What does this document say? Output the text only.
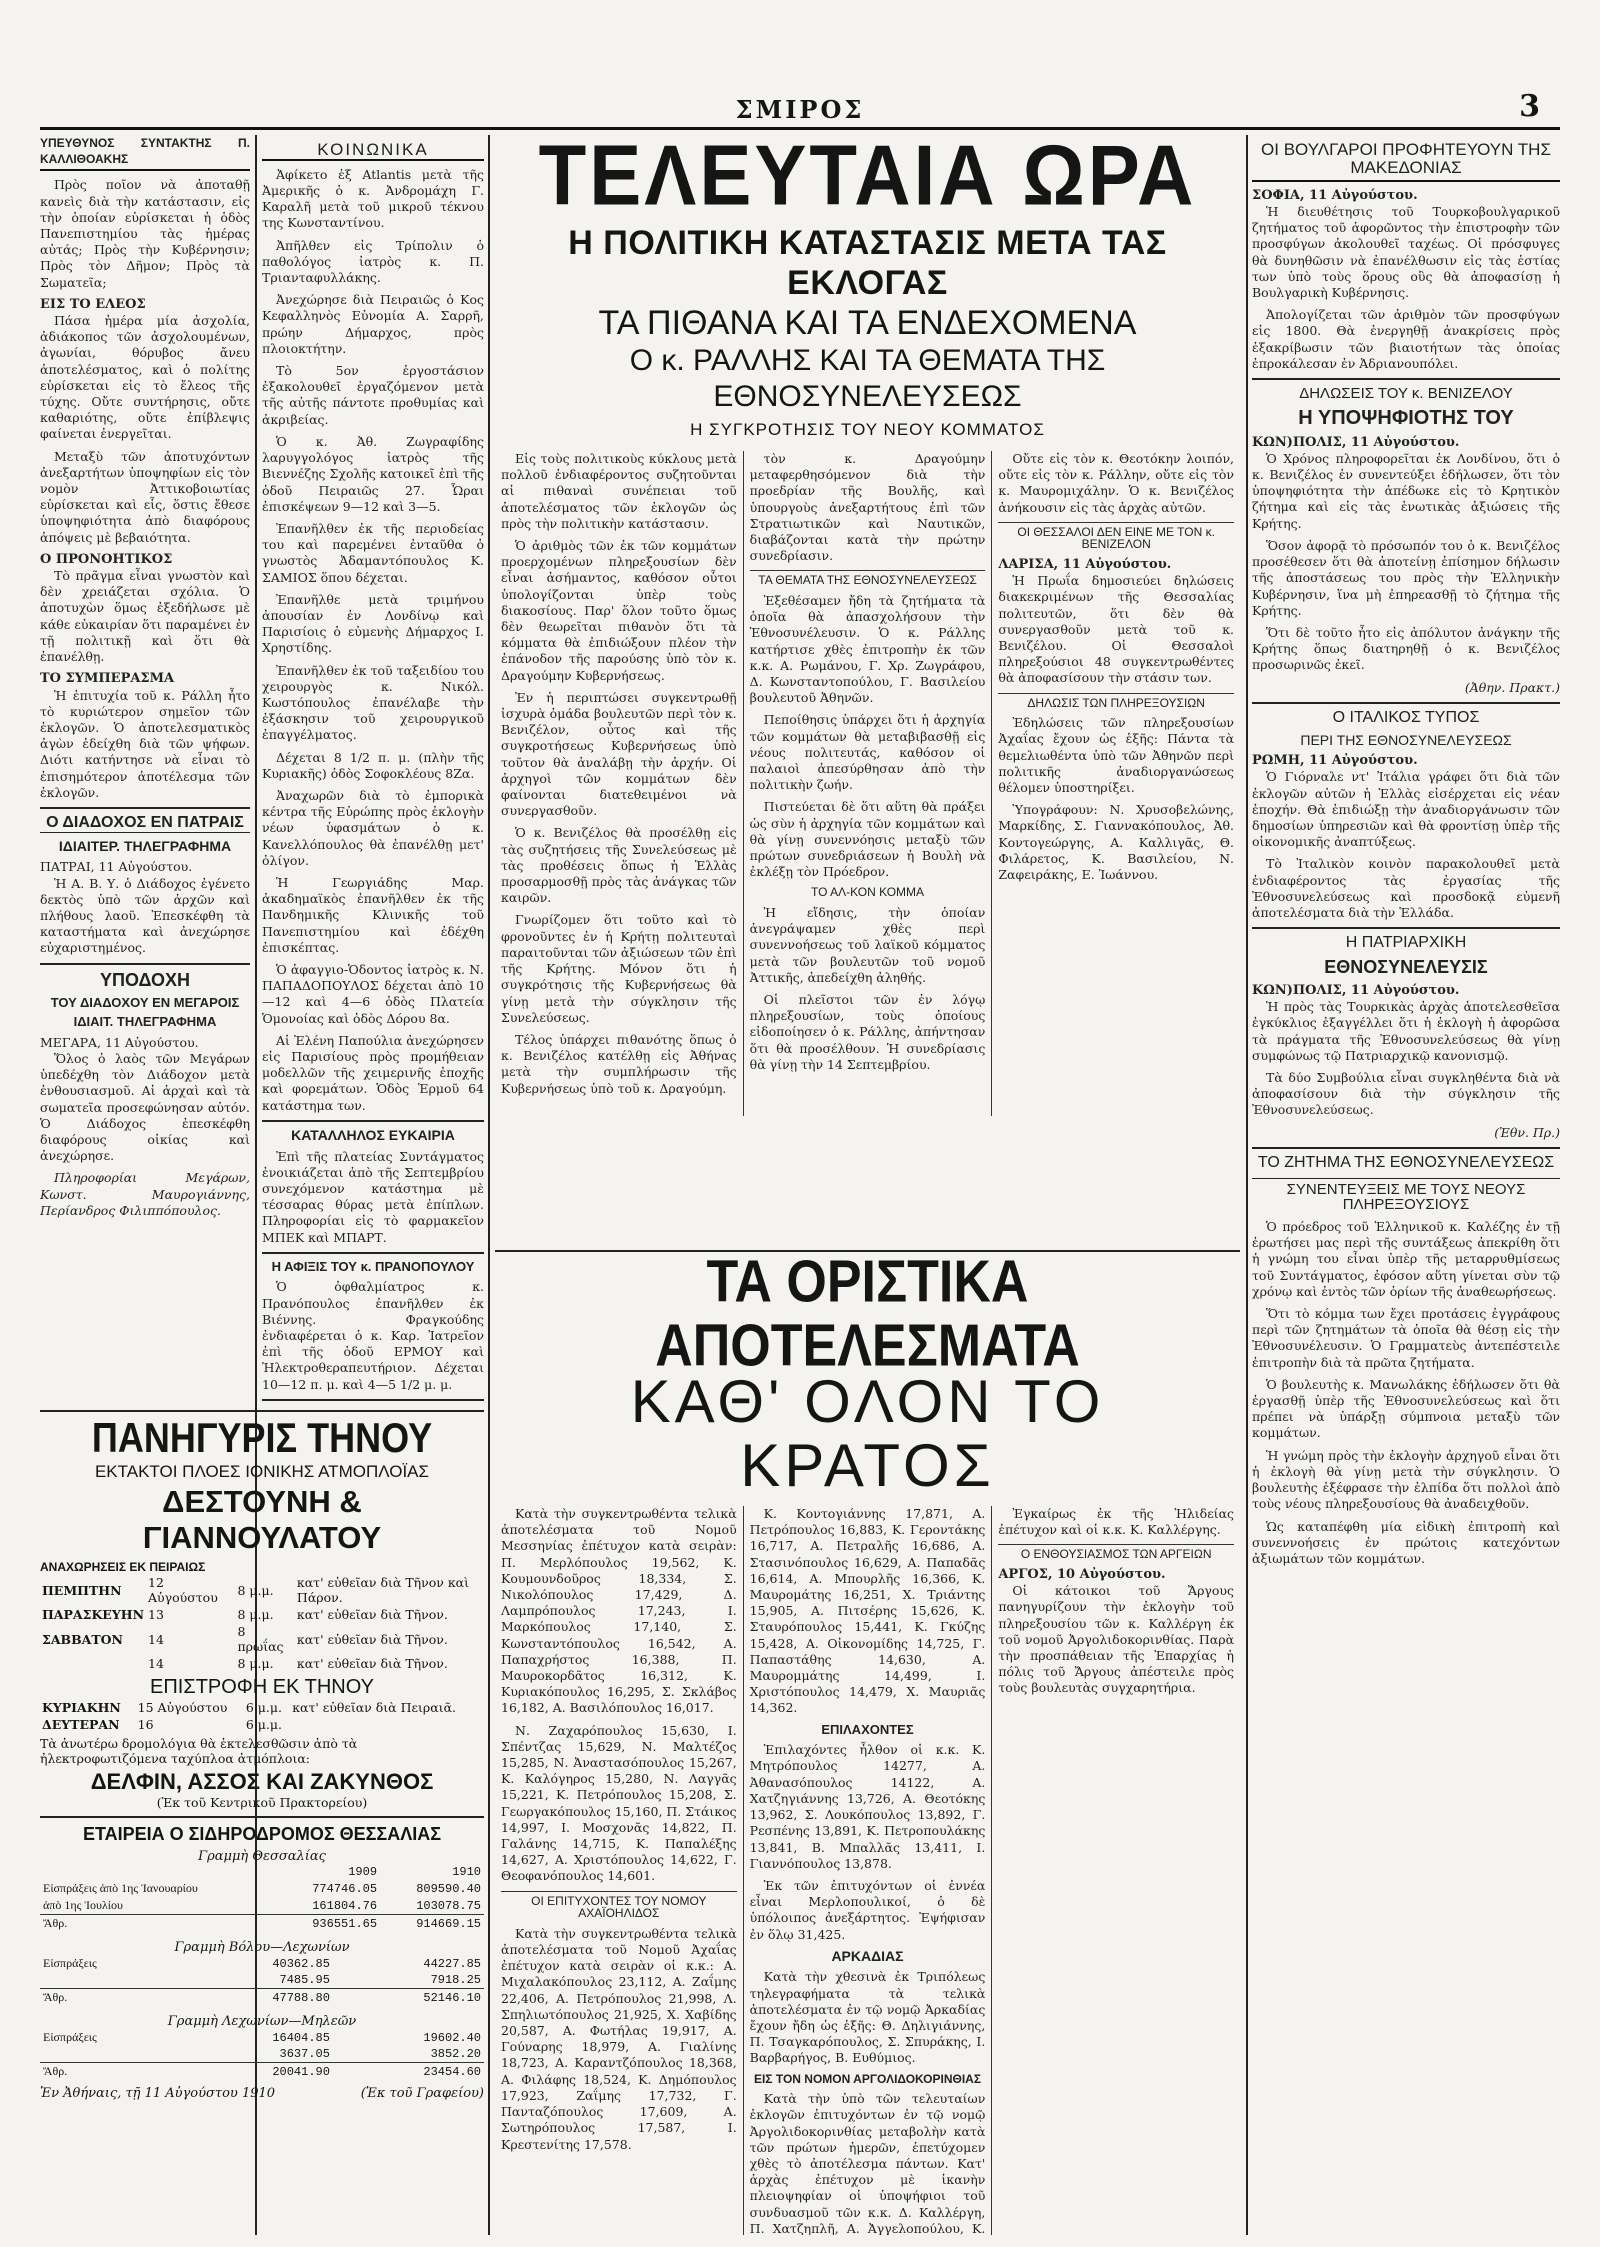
ΣΜΙΡΟΣ	3
ΥΠΕΥΘΥΝΟΣ ΣΥΝΤΑΚΤΗΣ Π. ΚΑΛΛΙΘΟΑΚΗΣ

Πρὸς ποῖον νὰ ἀποταθῇ κανεὶς διὰ τὴν κατάστασιν, εἰς τὴν ὁποίαν εὑρίσκεται ἡ ὁδὸς Πανεπιστημίου τὰς ἡμέρας αὐτάς; Πρὸς τὴν Κυβέρνησιν; Πρὸς τὸν Δῆμον; Πρὸς τὰ Σωματεῖα;

ΕΙΣ ΤΟ ΕΛΕΟΣ

Πάσα ἡμέρα μία ἀσχολία, ἀδιάκοπος τῶν ἀσχολουμένων, ἀγωνίαι, θόρυβος ἄνευ ἀποτελέσματος, καὶ ὁ πολίτης εὑρίσκεται εἰς τὸ ἔλεος τῆς τύχης. Οὔτε συντήρησις, οὔτε καθαριότης, οὔτε ἐπίβλεψις φαίνεται ἐνεργεῖται.

Μεταξὺ τῶν ἀποτυχόντων ἀνεξαρτήτων ὑποψηφίων εἰς τὸν νομὸν Ἀττικοβοιωτίας εὑρίσκεται καὶ εἷς, ὅστις ἔθεσε ὑποψηφιότητα ἀπὸ διαφόρους ἀπόψεις μὲ βεβαιότητα.

Ο ΠΡΟΝΟΗΤΙΚΟΣ

Τὸ πρᾶγμα εἶναι γνωστὸν καὶ δὲν χρειάζεται σχόλια. Ὁ ἀποτυχὼν ὅμως ἐξεδήλωσε μὲ κάθε εὐκαιρίαν ὅτι παραμένει ἐν τῇ πολιτικῇ καὶ ὅτι θὰ ἐπανέλθῃ.

ΤΟ ΣΥΜΠΕΡΑΣΜΑ

Ἡ ἐπιτυχία τοῦ κ. Ράλλη ἦτο τὸ κυριώτερον σημεῖον τῶν ἐκλογῶν. Ὁ ἀποτελεσματικὸς ἀγὼν ἐδείχθη διὰ τῶν ψήφων. Διότι κατήντησε νὰ εἶναι τὸ ἐπισημότερον ἀποτέλεσμα τῶν ἐκλογῶν.

Ο ΔΙΑΔΟΧΟΣ ΕΝ ΠΑΤΡΑΙΣ
ΙΔΙΑΙΤΕΡ. ΤΗΛΕΓΡΑΦΗΜΑ
ΠΑΤΡΑΙ, 11 Αὐγούστου.

Ἡ Α. Β. Υ. ὁ Διάδοχος ἐγένετο δεκτὸς ὑπὸ τῶν ἀρχῶν καὶ πλήθους λαοῦ. Ἐπεσκέφθη τὰ καταστήματα καὶ ἀνεχώρησε εὐχαριστημένος.

ΥΠΟΔΟΧΗ
ΤΟΥ ΔΙΑΔΟΧΟΥ ΕΝ ΜΕΓΑΡΟΙΣ
ΙΔΙΑΙΤ. ΤΗΛΕΓΡΑΦΗΜΑ
ΜΕΓΑΡΑ, 11 Αὐγούστου.

Ὅλος ὁ λαὸς τῶν Μεγάρων ὑπεδέχθη τὸν Διάδοχον μετὰ ἐνθουσιασμοῦ. Αἱ ἀρχαὶ καὶ τὰ σωματεῖα προσεφώνησαν αὐτόν. Ὁ Διάδοχος ἐπεσκέφθη διαφόρους οἰκίας καὶ ἀνεχώρησε.

Πληροφορίαι Μεγάρων, Κωνστ. Μαυρογιάννης, Περίανδρος Φιλιππόπουλος.

ΚΟΙΝΩΝΙΚΑ

Ἀφίκετο ἐξ Atlantis μετὰ τῆς Ἀμερικῆς ὁ κ. Ἀνδρομάχη Γ. Καραλῆ μετὰ τοῦ μικροῦ τέκνου της Κωνσταντίνου.

Ἀπῆλθεν εἰς Τρίπολιν ὁ παθολόγος ἰατρὸς κ. Π. Τριανταφυλλάκης.

Ἀνεχώρησε διὰ Πειραιῶς ὁ Κος Κεφαλληνὸς Εὐνομία Α. Σαρρῆ, πρώην Δήμαρχος, πρὸς πλοιοκτήτην.

Τὸ 5ον ἐργοστάσιον ἐξακολουθεῖ ἐργαζόμενον μετὰ τῆς αὐτῆς πάντοτε προθυμίας καὶ ἀκριβείας.

Ὁ κ. Ἀθ. Ζωγραφίδης λαρυγγολόγος ἰατρὸς τῆς Βιεννέζης Σχολῆς κατοικεῖ ἐπὶ τῆς ὁδοῦ Πειραιῶς 27. Ὧραι ἐπισκέψεων 9—12 καὶ 3—5.

Ἐπανῆλθεν ἐκ τῆς περιοδείας του καὶ παρεμένει ἐνταῦθα ὁ γνωστὸς Ἀδαμαντόπουλος Κ. ΣΑΜΙΟΣ ὅπου δέχεται.

Ἐπανῆλθε μετὰ τριμήνου ἀπουσίαν ἐν Λονδίνῳ καὶ Παρισίοις ὁ εὐμενὴς Δήμαρχος Ι. Χρηστίδης.

Ἐπανῆλθεν ἐκ τοῦ ταξειδίου του χειρουργὸς κ. Νικόλ. Κωστόπουλος ἐπανέλαβε τὴν ἐξάσκησιν τοῦ χειρουργικοῦ ἐπαγγέλματος.

Δέχεται 8 1/2 π. μ. (πλὴν τῆς Κυριακῆς) ὁδὸς Σοφοκλέους 8Ζα.

Ἀναχωρῶν διὰ τὸ ἐμπορικὰ κέντρα τῆς Εὐρώπης πρὸς ἐκλογὴν νέων ὑφασμάτων ὁ κ. Κανελλόπουλος θὰ ἐπανέλθῃ μετ' ὀλίγον.

Ἡ Γεωργιάδης Μαρ. ἀκαδημαϊκὸς ἐπανῆλθεν ἐκ τῆς Πανδημικῆς Κλινικῆς τοῦ Πανεπιστημίου καὶ ἐδέχθη ἐπισκέπτας.

Ὁ ἀφαγγιο-Ὁδοντος ἰατρὸς κ. Ν. ΠΑΠΑΔΟΠΟΥΛΟΣ δέχεται ἀπὸ 10—12 καὶ 4—6 ὁδὸς Πλατεία Ὁμονοίας καὶ ὁδὸς Δόρου 8α.

Αἱ Ἐλένη Παπούλια ἀνεχώρησεν εἰς Παρισίους πρὸς προμήθειαν μοδελλῶν τῆς χειμερινῆς ἐποχῆς καὶ φορεμάτων. Ὁδὸς Ἑρμοῦ 64 κατάστημα των.

ΚΑΤΑΛΛΗΛΟΣ ΕΥΚΑΙΡΙΑ

Ἐπὶ τῆς πλατείας Συντάγματος ἐνοικιάζεται ἀπὸ τῆς Σεπτεμβρίου συνεχόμενον κατάστημα μὲ τέσσαρας θύρας μετὰ ἐπίπλων. Πληροφορίαι εἰς τὸ φαρμακεῖον ΜΠΕΚ καὶ ΜΠΑΡΤ.

Η ΑΦΙΞΙΣ ΤΟΥ κ. ΠΡΑΝΟΠΟΥΛΟΥ

Ὁ ὀφθαλμίατρος κ. Πρανόπουλος ἐπανῆλθεν ἐκ Βιέννης. Φραγκούδης ἐνδιαφέρεται ὁ κ. Καρ. Ἰατρεῖον ἐπὶ τῆς ὁδοῦ ΕΡΜΟΥ καὶ Ἠλεκτροθεραπευτήριον. Δέχεται 10—12 π. μ. καὶ 4—5 1/2 μ. μ.

ΠΑΝΗΓΥΡΙΣ ΤΗΝΟΥ
ΕΚΤΑΚΤΟΙ ΠΛΟΕΣ ΙΟΝΙΚΗΣ ΑΤΜΟΠΛΟΪΑΣ
ΔΕΣΤΟΥΝΗ & ΓΙΑΝΝΟΥΛΑΤΟΥ
ΑΝΑΧΩΡΗΣΕΙΣ ΕΚ ΠΕΙΡΑΙΩΣ
ΠΕΜΠΤΗΝ	12 Αὐγούστου	8 μ.μ.	κατ' εὐθεῖαν διὰ Τῆνον καὶ Πάρον.
ΠΑΡΑΣΚΕΥΗΝ	13	8 μ.μ.	κατ' εὐθεῖαν διὰ Τῆνον.
ΣΑΒΒΑΤΟΝ	14	8 πρωΐας	κατ' εὐθεῖαν διὰ Τῆνον.
	14	8 μ.μ.	κατ' εὐθεῖαν διὰ Τῆνον.
ΕΠΙΣΤΡΟΦΗ ΕΚ ΤΗΝΟΥ
ΚΥΡΙΑΚΗΝ	15 Αὐγούστου	6 μ.μ.	κατ' εὐθεῖαν διὰ Πειραιᾶ.
ΔΕΥΤΕΡΑΝ	16	6 μ.μ.	
Τὰ ἀνωτέρω δρομολόγια θὰ ἐκτελεσθῶσιν ἀπὸ τὰ ἠλεκτροφωτιζόμενα ταχύπλοα ἀτμόπλοια:
ΔΕΛΦΙΝ, ΑΣΣΟΣ ΚΑΙ ΖΑΚΥΝΘΟΣ
(Ἐκ τοῦ Κεντρικοῦ Πρακτορείου)
ΕΤΑΙΡΕΙΑ Ο ΣΙΔΗΡΟΔΡΟΜΟΣ ΘΕΣΣΑΛΙΑΣ
Γραμμὴ Θεσσαλίας
	1909	1910
Εἰσπράξεις ἀπὸ 1ης Ἰανουαρίου	774746.05	809590.40
ἀπὸ 1ης Ἰουλίου	161804.76	103078.75
Ἄθρ.	936551.65	914669.15
Γραμμὴ Βόλου—Λεχωνίων
Εἰσπράξεις	40362.85	44227.85
	7485.95	7918.25
Ἄθρ.	47788.80	52146.10
Γραμμὴ Λεχωνίων—Μηλεῶν
Εἰσπράξεις	16404.85	19602.40
	3637.05	3852.20
Ἄθρ.	20041.90	23454.60
Ἐν Ἀθήναις, τῇ 11 Αὐγούστου 1910	(Ἐκ τοῦ Γραφείου)
ΤΕΛΕΥΤΑΙΑ ΩΡΑ
Η ΠΟΛΙΤΙΚΗ ΚΑΤΑΣΤΑΣΙΣ ΜΕΤΑ ΤΑΣ ΕΚΛΟΓΑΣ
ΤΑ ΠΙΘΑΝΑ ΚΑΙ ΤΑ ΕΝΔΕΧΟΜΕΝΑ
Ο κ. ΡΑΛΛΗΣ ΚΑΙ ΤΑ ΘΕΜΑΤΑ ΤΗΣ ΕΘΝΟΣΥΝΕΛΕΥΣΕΩΣ
Η ΣΥΓΚΡΟΤΗΣΙΣ ΤΟΥ ΝΕΟΥ ΚΟΜΜΑΤΟΣ

Εἰς τοὺς πολιτικοὺς κύκλους μετὰ πολλοῦ ἐνδιαφέροντος συζητοῦνται αἱ πιθαναὶ συνέπειαι τοῦ ἀποτελέσματος τῶν ἐκλογῶν ὡς πρὸς τὴν πολιτικὴν κατάστασιν.

Ὁ ἀριθμὸς τῶν ἐκ τῶν κομμάτων προερχομένων πληρεξουσίων δὲν εἶναι ἀσήμαντος, καθόσον οὗτοι ὑπολογίζονται ὑπὲρ τοὺς διακοσίους. Παρ' ὅλον τοῦτο ὅμως δὲν θεωρεῖται πιθανὸν ὅτι τὰ κόμματα θὰ ἐπιδιώξουν πλέον τὴν ἐπάνοδον τῆς παρούσης ὑπὸ τὸν κ. Δραγούμην Κυβερνήσεως.

Ἐν ἡ περιπτώσει συγκεντρωθῇ ἰσχυρὰ ὁμάδα βουλευτῶν περὶ τὸν κ. Βενιζέλον, οὗτος καὶ τῆς συγκροτήσεως Κυβερνήσεως ὑπὸ τοῦτον θὰ ἀναλάβῃ τὴν ἀρχήν. Οἱ ἀρχηγοὶ τῶν κομμάτων δὲν φαίνονται διατεθειμένοι νὰ συνεργασθοῦν.

Ὁ κ. Βενιζέλος θὰ προσέλθῃ εἰς τὰς συζητήσεις τῆς Συνελεύσεως μὲ τὰς προθέσεις ὅπως ἡ Ἑλλὰς προσαρμοσθῇ πρὸς τὰς ἀνάγκας τῶν καιρῶν.

Γνωρίζομεν ὅτι τοῦτο καὶ τὸ φρονοῦντες ἐν ἡ Κρήτῃ πολιτευταὶ παραιτοῦνται τῶν ἀξιώσεων τῶν ἐπὶ τῆς Κρήτης. Μόνον ὅτι ἡ συγκρότησις τῆς Κυβερνήσεως θὰ γίνῃ μετὰ τὴν σύγκλησιν τῆς Συνελεύσεως.

Τέλος ὑπάρχει πιθανότης ὅπως ὁ κ. Βενιζέλος κατέλθῃ εἰς Ἀθήνας μετὰ τὴν συμπλήρωσιν τῆς Κυβερνήσεως ὑπὸ τοῦ κ. Δραγούμη.

τὸν κ. Δραγούμην μεταφερθησόμενον διὰ τὴν προεδρίαν τῆς Βουλῆς, καὶ ὑπουργοὺς ἀνεξαρτήτους ἐπὶ τῶν Στρατιωτικῶν καὶ Ναυτικῶν, διαβάζονται κατὰ τὴν πρώτην συνεδρίασιν.

ΤΑ ΘΕΜΑΤΑ ΤΗΣ ΕΘΝΟΣΥΝΕΛΕΥΣΕΩΣ

Ἐξεθέσαμεν ἤδη τὰ ζητήματα τὰ ὁποῖα θὰ ἀπασχολήσουν τὴν Ἐθνοσυνέλευσιν. Ὁ κ. Ράλλης κατήρτισε χθὲς ἐπιτροπὴν ἐκ τῶν κ.κ. Α. Ρωμάνου, Γ. Χρ. Ζωγράφου, Δ. Κωνσταντοπούλου, Γ. Βασιλείου βουλευτοῦ Ἀθηνῶν.

Πεποίθησις ὑπάρχει ὅτι ἡ ἀρχηγία τῶν κομμάτων θὰ μεταβιβασθῇ εἰς νέους πολιτευτάς, καθόσον οἱ παλαιοὶ ἀπεσύρθησαν ἀπὸ τὴν πολιτικὴν ζωήν.

Πιστεύεται δὲ ὅτι αὕτη θὰ πράξει ὡς σὺν ἡ ἀρχηγία τῶν κομμάτων καὶ θὰ γίνῃ συνεννόησις μεταξὺ τῶν πρώτων συνεδριάσεων ἡ Βουλὴ νὰ ἐκλέξῃ τὸν Πρόεδρον.

ΤΟ ΑΛ-ΚΟΝ ΚΟΜΜΑ

Ἡ εἴδησις, τὴν ὁποίαν ἀνεγράψαμεν χθὲς περὶ συνεννοήσεως τοῦ λαϊκοῦ κόμματος μετὰ τῶν βουλευτῶν τοῦ νομοῦ Ἀττικῆς, ἀπεδείχθη ἀληθής.

Οἱ πλεῖστοι τῶν ἐν λόγῳ πληρεξουσίων, τοὺς ὁποίους εἰδοποίησεν ὁ κ. Ράλλης, ἀπήντησαν ὅτι θὰ προσέλθουν. Ἡ συνεδρίασις θὰ γίνῃ τὴν 14 Σεπτεμβρίου.

Οὔτε εἰς τὸν κ. Θεοτόκην λοιπόν, οὔτε εἰς τὸν κ. Ράλλην, οὔτε εἰς τὸν κ. Μαυρομιχάλην. Ὁ κ. Βενιζέλος ἀνήκουσιν εἰς τὰς ἀρχὰς αὐτῶν.

ΟΙ ΘΕΣΣΑΛΟΙ ΔΕΝ ΕΙΝΕ ΜΕ ΤΟΝ κ. ΒΕΝΙΖΕΛΟΝ
ΛΑΡΙΣΑ, 11 Αὐγούστου.

Ἡ Πρωΐα δημοσιεύει δηλώσεις διακεκριμένων τῆς Θεσσαλίας πολιτευτῶν, ὅτι δὲν θὰ συνεργασθοῦν μετὰ τοῦ κ. Βενιζέλου. Οἱ Θεσσαλοὶ πληρεξούσιοι 48 συγκεντρωθέντες θὰ ἀποφασίσουν τὴν στάσιν των.

ΔΗΛΩΣΙΣ ΤΩΝ ΠΛΗΡΕΞΟΥΣΙΩΝ

Ἐδηλώσεις τῶν πληρεξουσίων Ἀχαΐας ἔχουν ὡς ἑξῆς: Πάντα τὰ θεμελιωθέντα ὑπὸ τῶν Ἀθηνῶν περὶ πολιτικῆς ἀναδιοργανώσεως θέλομεν ὑποστηρίξει.

Ὑπογράφουν: Ν. Χρυσοβελώνης, Μαρκίδης, Σ. Γιαννακόπουλος, Ἀθ. Κοντογεώργης, Α. Καλλιγᾶς, Θ. Φιλάρετος, Κ. Βασιλείου, Ν. Ζαφειράκης, Ε. Ἰωάννου.

ΤΑ ΟΡΙΣΤΙΚΑ ΑΠΟΤΕΛΕΣΜΑΤΑ
ΚΑΘ' ΟΛΟΝ ΤΟ ΚΡΑΤΟΣ

Κατὰ τὴν συγκεντρωθέντα τελικὰ ἀποτελέσματα τοῦ Νομοῦ Μεσσηνίας ἐπέτυχον κατὰ σειρὰν: Π. Μερλόπουλος 19,562, Κ. Κουμουνδοῦρος 18,334, Σ. Νικολόπουλος 17,429, Δ. Λαμπρόπουλος 17,243, Ι. Μαρκόπουλος 17,140, Σ. Κωνσταντόπουλος 16,542, Α. Παπαχρήστος 16,388, Π. Μαυροκορδᾶτος 16,312, Κ. Κυριακόπουλος 16,295, Σ. Σκλάβος 16,182, Α. Βασιλόπουλος 16,017.

Ν. Ζαχαρόπουλος 15,630, Ι. Σπέντζας 15,629, Ν. Μαλτέζος 15,285, Ν. Ἀναστασόπουλος 15,267, Κ. Καλόγηρος 15,280, Ν. Λαγγᾶς 15,221, Κ. Πετρόπουλος 15,208, Σ. Γεωργακόπουλος 15,160, Π. Στάικος 14,997, Ι. Μοσχονᾶς 14,822, Π. Γαλάνης 14,715, Κ. Παπαλέξης 14,627, Α. Χριστόπουλος 14,622, Γ. Θεοφανόπουλος 14,601.

ΟΙ ΕΠΙΤΥΧΟΝΤΕΣ ΤΟΥ ΝΟΜΟΥ ΑΧΑΪΟΗΛΙΔΟΣ

Κατὰ τὴν συγκεντρωθέντα τελικὰ ἀποτελέσματα τοῦ Νομοῦ Ἀχαΐας ἐπέτυχον κατὰ σειρὰν οἱ κ.κ.: Α. Μιχαλακόπουλος 23,112, Α. Ζαΐμης 22,406, Α. Πετρόπουλος 21,998, Λ. Σπηλιωτόπουλος 21,925, Χ. Χαβίδης 20,587, Α. Φωτήλας 19,917, Α. Γούναρης 18,979, Α. Γιαλίνης 18,723, Α. Καραντζόπουλος 18,368, Α. Φιλάφης 18,524, Κ. Δημόπουλος 17,923, Ζαΐμης 17,732, Γ. Πανταζόπουλος 17,609, Α. Σωτηρόπουλος 17,587, Ι. Κρεστενίτης 17,578.

Κ. Κοντογιάννης 17,871, Α. Πετρόπουλος 16,883, Κ. Γεροντάκης 16,717, Α. Πετραλῆς 16,686, Α. Στασινόπουλος 16,629, Α. Παπαδᾶς 16,614, Α. Μπουρλῆς 16,366, Κ. Μαυρομάτης 16,251, Χ. Τριάντης 15,905, Α. Πιτσέρης 15,626, Κ. Σταυρόπουλος 15,441, Κ. Γκύζης 15,428, Α. Οἰκονομίδης 14,725, Γ. Παπαστάθης 14,630, Α. Μαυρομμάτης 14,499, Ι. Χριστόπουλος 14,479, Χ. Μαυριᾶς 14,362.

ΕΠΙΛΑΧΟΝΤΕΣ

Ἐπιλαχόντες ἦλθον οἱ κ.κ. Κ. Μητρόπουλος 14277, Α. Ἀθανασόπουλος 14122, Α. Χατζηγιάννης 13,726, Α. Θεοτόκης 13,962, Σ. Λουκόπουλος 13,892, Γ. Ρεσπένης 13,891, Κ. Πετροπουλάκης 13,841, Β. Μπαλλᾶς 13,411, Ι. Γιαννόπουλος 13,878.

Ἐκ τῶν ἐπιτυχόντων οἱ ἐννέα εἶναι Μερλοπουλικοί, ὁ δὲ ὑπόλοιπος ἀνεξάρτητος. Ἐψήφισαν ἐν ὅλῳ 31,425.

ΑΡΚΑΔΙΑΣ

Κατὰ τὴν χθεσινὰ ἐκ Τριπόλεως τηλεγραφήματα τὰ τελικὰ ἀποτελέσματα ἐν τῷ νομῷ Ἀρκαδίας ἔχουν ἤδη ὡς ἑξῆς: Θ. Δηλιγιάννης, Π. Τσαγκαρόπουλος, Σ. Σπυράκης, Ι. Βαρβαρήγος, Β. Ευθύμιος.

ΕΙΣ ΤΟΝ ΝΟΜΟΝ ΑΡΓΟΛΙΔΟΚΟΡΙΝΘΙΑΣ

Κατὰ τὴν ὑπὸ τῶν τελευταίων ἐκλογῶν ἐπιτυχόντων ἐν τῷ νομῷ Ἀργολιδοκορινθίας μεταβολὴν κατὰ τῶν πρώτων ἡμερῶν, ἐπετύχομεν χθὲς τὸ ἀποτέλεσμα πάντων. Κατ' ἀρχὰς ἐπέτυχον μὲ ἱκανὴν πλειοψηφίαν οἱ ὑποψήφιοι τοῦ συνδυασμοῦ τῶν κ.κ. Δ. Καλλέργη, Π. Χατζηπλῆ, Α. Ἀγγελοπούλου, Κ.

Ἐγκαίρως ἐκ τῆς Ἡλιδείας ἐπέτυχον καὶ οἱ κ.κ. Κ. Καλλέργης.

Ο ΕΝΘΟΥΣΙΑΣΜΟΣ ΤΩΝ ΑΡΓΕΙΩΝ
ΑΡΓΟΣ, 10 Αὐγούστου.

Οἱ κάτοικοι τοῦ Ἄργους πανηγυρίζουν τὴν ἐκλογὴν τοῦ πληρεξουσίου τῶν κ. Καλλέργη ἐκ τοῦ νομοῦ Ἀργολιδοκορινθίας. Παρὰ τὴν προσπάθειαν τῆς Ἐπαρχίας ἡ πόλις τοῦ Ἄργους ἀπέστειλε πρὸς τοὺς βουλευτὰς συγχαρητήρια.

ΟΙ ΒΟΥΛΓΑΡΟΙ ΠΡΟΦΗΤΕΥΟΥΝ ΤΗΣ ΜΑΚΕΔΟΝΙΑΣ
ΣΟΦΙΑ, 11 Αὐγούστου.

Ἡ διευθέτησις τοῦ Τουρκοβουλγαρικοῦ ζητήματος τοῦ ἀφορῶντος τὴν ἐπιστροφὴν τῶν προσφύγων ἀκολουθεῖ ταχέως. Οἱ πρόσφυγες θὰ δυνηθῶσιν νὰ ἐπανέλθωσιν εἰς τὰς ἑστίας των ὑπὸ τοὺς ὅρους οὓς θὰ ἀποφασίσῃ ἡ Βουλγαρικὴ Κυβέρνησις.

Ἀπολογίζεται τῶν ἀριθμὸν τῶν προσφύγων εἰς 1800. Θὰ ἐνεργηθῇ ἀνακρίσεις πρὸς ἐξακρίβωσιν τῶν βιαιοτήτων τὰς ὁποίας ἐπροκάλεσαν ἐν Ἀδριανουπόλει.

ΔΗΛΩΣΕΙΣ ΤΟΥ κ. ΒΕΝΙΖΕΛΟΥ
Η ΥΠΟΨΗΦΙΟΤΗΣ ΤΟΥ
ΚΩΝ)ΠΟΛΙΣ, 11 Αὐγούστου.

Ὁ Χρόνος πληροφορεῖται ἐκ Λονδίνου, ὅτι ὁ κ. Βενιζέλος ἐν συνεντεύξει ἐδήλωσεν, ὅτι τὸν ὑποψηφιότητα τὴν ἀπέδωκε εἰς τὸ Κρητικὸν ζήτημα καὶ εἰς τὰς ἑνωτικὰς ἀξιώσεις τῆς Κρήτης.

Ὅσον ἀφορᾷ τὸ πρόσωπόν του ὁ κ. Βενιζέλος προσέθεσεν ὅτι θὰ ἀποτείνῃ ἐπίσημον δήλωσιν τῆς ἀποστάσεως του πρὸς τὴν Ἑλληνικὴν Κυβέρνησιν, ἵνα μὴ ἐπηρεασθῇ τὸ ζήτημα τῆς Κρήτης.

Ὅτι δὲ τοῦτο ἦτο εἰς ἀπόλυτον ἀνάγκην τῆς Κρήτης ὅπως διατηρηθῇ ὁ κ. Βενιζέλος προσωρινῶς ἐκεῖ.

(Ἀθην. Πρακτ.)
Ο ΙΤΑΛΙΚΟΣ ΤΥΠΟΣ
ΠΕΡΙ ΤΗΣ ΕΘΝΟΣΥΝΕΛΕΥΣΕΩΣ
ΡΩΜΗ, 11 Αὐγούστου.

Ὁ Γιόρναλε ντ' Ἰτάλια γράφει ὅτι διὰ τῶν ἐκλογῶν αὐτῶν ἡ Ἑλλὰς εἰσέρχεται εἰς νέαν ἐποχήν. Θὰ ἐπιδιώξῃ τὴν ἀναδιοργάνωσιν τῶν δημοσίων ὑπηρεσιῶν καὶ θὰ φροντίσῃ ὑπὲρ τῆς οἰκονομικῆς ἀναπτύξεως.

Τὸ Ἰταλικὸν κοινὸν παρακολουθεῖ μετὰ ἐνδιαφέροντος τὰς ἐργασίας τῆς Ἐθνοσυνελεύσεως καὶ προσδοκᾷ εὐμενῆ ἀποτελέσματα διὰ τὴν Ἑλλάδα.

Η ΠΑΤΡΙΑΡΧΙΚΗ
ΕΘΝΟΣΥΝΕΛΕΥΣΙΣ
ΚΩΝ)ΠΟΛΙΣ, 11 Αὐγούστου.

Ἡ πρὸς τὰς Τουρκικὰς ἀρχὰς ἀποτελεσθεῖσα ἐγκύκλιος ἐξαγγέλλει ὅτι ἡ ἐκλογὴ ἡ ἀφορῶσα τὰ πράγματα τῆς Ἐθνοσυνελεύσεως θὰ γίνῃ συμφώνως τῷ Πατριαρχικῷ κανονισμῷ.

Τὰ δύο Συμβούλια εἶναι συγκληθέντα διὰ νὰ ἀποφασίσουν διὰ τὴν σύγκλησιν τῆς Ἐθνοσυνελεύσεως.

(Ἐθν. Πρ.)
ΤΟ ΖΗΤΗΜΑ ΤΗΣ ΕΘΝΟΣΥΝΕΛΕΥΣΕΩΣ
ΣΥΝΕΝΤΕΥΞΕΙΣ ΜΕ ΤΟΥΣ ΝΕΟΥΣ ΠΛΗΡΕΞΟΥΣΙΟΥΣ

Ὁ πρόεδρος τοῦ Ἑλληνικοῦ κ. Καλέζης ἐν τῇ ἐρωτήσει μας περὶ τῆς συντάξεως ἀπεκρίθη ὅτι ἡ γνώμη του εἶναι ὑπὲρ τῆς μεταρρυθμίσεως τοῦ Συντάγματος, ἐφόσον αὕτη γίνεται σὺν τῷ χρόνῳ καὶ ἐντὸς τῶν ὁρίων τῆς ἀναθεωρήσεως.

Ὅτι τὸ κόμμα των ἔχει προτάσεις ἐγγράφους περὶ τῶν ζητημάτων τὰ ὁποῖα θὰ θέσῃ εἰς τὴν Ἐθνοσυνέλευσιν. Ὁ Γραμματεὺς ἀντεπέστειλε ἐπιτροπὴν διὰ τὰ πρῶτα ζητήματα.

Ὁ βουλευτὴς κ. Μανωλάκης ἐδήλωσεν ὅτι θὰ ἐργασθῇ ὑπὲρ τῆς Ἐθνοσυνελεύσεως καὶ ὅτι πρέπει νὰ ὑπάρξῃ σύμπνοια μεταξὺ τῶν κομμάτων.

Ἡ γνώμη πρὸς τὴν ἐκλογὴν ἀρχηγοῦ εἶναι ὅτι ἡ ἐκλογὴ θὰ γίνῃ μετὰ τὴν σύγκλησιν. Ὁ βουλευτὴς ἐξέφρασε τὴν ἐλπίδα ὅτι πολλοὶ ἀπὸ τοὺς νέους πληρεξουσίους θὰ ἀναδειχθοῦν.

Ὡς καταπέφθη μία εἰδικὴ ἐπιτροπὴ καὶ συνεννοήσεις ἐν πρώτοις κατεχόντων ἀξιωμάτων τῶν κομμάτων.
